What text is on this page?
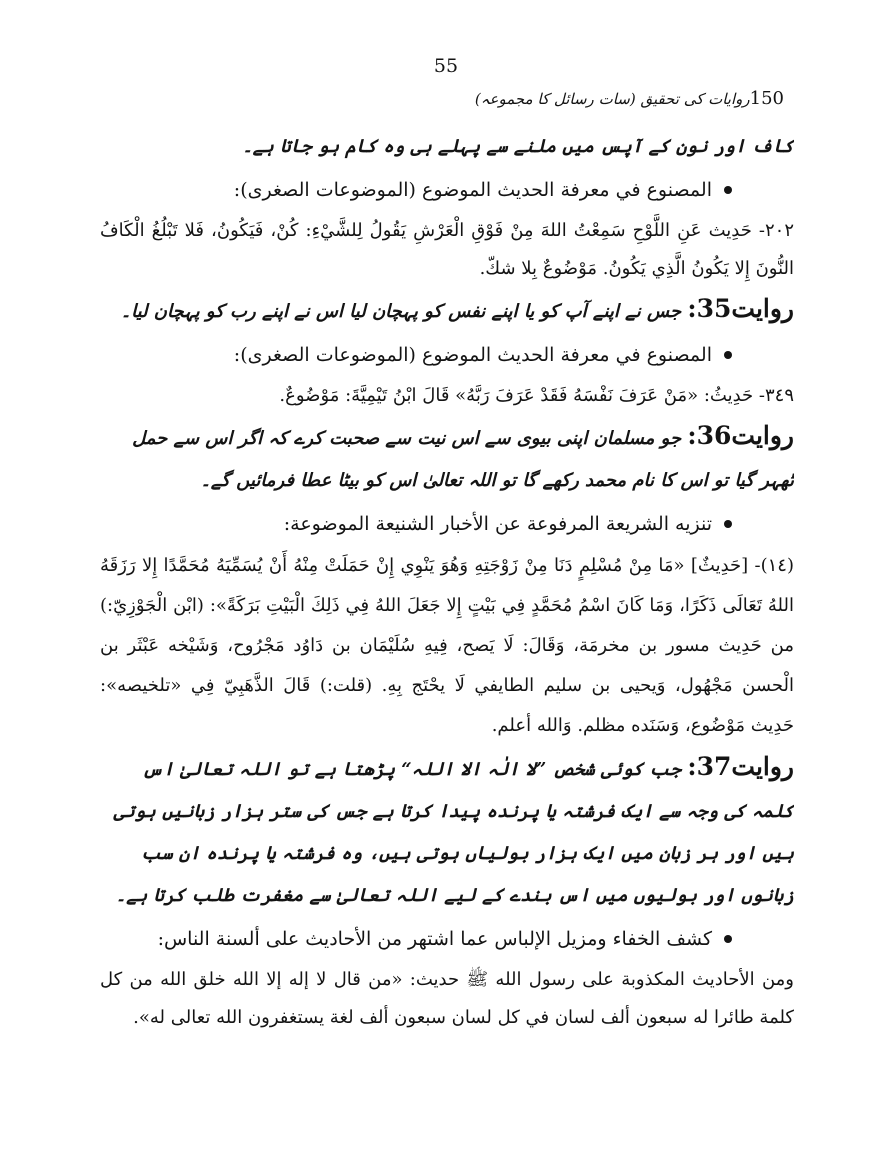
55
150روایات کی تحقیق (سات رسائل کا مجموعہ)

کاف اور نون کے آپس میں ملنے سے پہلے ہی وہ کام ہو جاتا ہے۔

المصنوع في معرفة الحديث الموضوع (الموضوعات الصغرى):

٢٠٢- حَدِيث عَنِ اللَّوْحِ سَمِعْتُ اللهَ مِنْ فَوْقِ الْعَرْشِ يَقُولُ لِلشَّيْءِ: كُنْ، فَيَكُونُ، فَلا تَبْلُغُ الْكَافُ النُّونَ إِلا يَكُونُ الَّذِي يَكُونُ. مَوْضُوعٌ بِلا شكّ.

روایت35: جس نے اپنے آپ کو یا اپنے نفس کو پہچان لیا اس نے اپنے رب کو پہچان لیا۔

المصنوع في معرفة الحديث الموضوع (الموضوعات الصغرى):

٣٤٩- حَدِيثُ: «مَنْ عَرَفَ نَفْسَهُ فَقَدْ عَرَفَ رَبَّهُ» قَالَ ابْنُ تَيْمِيَّةَ: مَوْضُوعٌ.

روایت36: جو مسلمان اپنی بیوی سے اس نیت سے صحبت کرے کہ اگر اس سے حمل ٹھہر گیا تو اس کا نام محمد رکھے گا تو اللہ تعالیٰ اس کو بیٹا عطا فرمائیں گے۔

تنزيه الشريعة المرفوعة عن الأخبار الشنيعة الموضوعة:

(١٤)- [حَدِيثٌ] «مَا مِنْ مُسْلِمٍ دَنَا مِنْ زَوْجَتِهِ وَهُوَ يَنْوِي إِنْ حَمَلَتْ مِنْهُ أَنْ يُسَمِّيَهُ مُحَمَّدًا إِلا رَزَقَهُ اللهُ تَعَالَى ذَكَرًا، وَمَا كَانَ اسْمُ مُحَمَّدٍ فِي بَيْتٍ إِلا جَعَلَ اللهُ فِي ذَلِكَ الْبَيْتِ بَرَكَةً»: (ابْن الْجَوْزِيّ:) من حَدِيث مسور بن مخرمَة، وَقَالَ: لَا يَصح، فِيهِ سُلَيْمَان بن دَاوُد مَجْرُوح، وَشَيْخه عَبْثَر بن الْحسن مَجْهُول، وَيحيى بن سليم الطايفي لَا يحْتَج بِهِ. (قلت:) قَالَ الذَّهَبِيّ فِي «تلخيصه»: حَدِيث مَوْضُوع، وَسَنَده مظلم. وَالله أعلم.

روایت37: جب کوئی شخص ”لا الٰہ الا اللہ“ پڑھتا ہے تو اللہ تعالیٰ اس کلمہ کی وجہ سے ایک فرشتہ یا پرندہ پیدا کرتا ہے جس کی ستر ہزار زبانیں ہوتی ہیں اور ہر زبان میں ایک ہزار بولیاں ہوتی ہیں، وہ فرشتہ یا پرندہ ان سب زبانوں اور بولیوں میں اس بندے کے لیے اللہ تعالیٰ سے مغفرت طلب کرتا ہے۔

كشف الخفاء ومزيل الإلباس عما اشتهر من الأحاديث على ألسنة الناس:

ومن الأحاديث المكذوبة على رسول الله ﷺ حديث: «من قال لا إله إلا الله خلق الله من كل كلمة طائرا له سبعون ألف لسان في كل لسان سبعون ألف لغة يستغفرون الله تعالى له».
